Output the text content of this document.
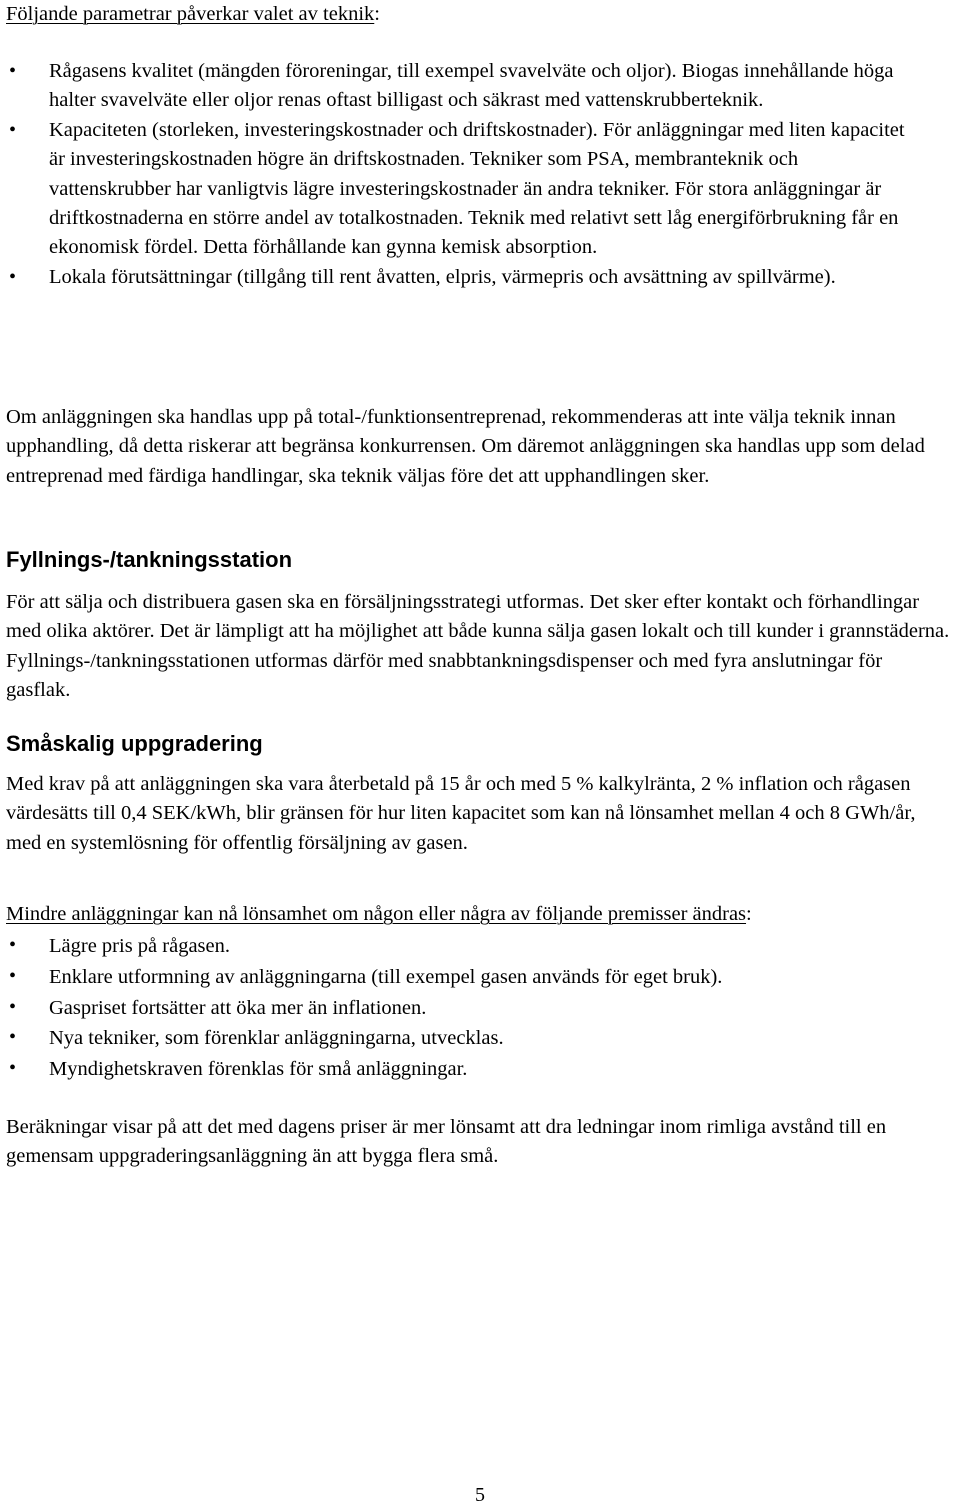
Följande parametrar påverkar valet av teknik:

• Rågasens kvalitet (mängden föroreningar, till exempel svavelväte och oljor). Biogas innehållande höga halter svavelväte eller oljor renas oftast billigast och säkrast med vattenskrubberteknik.
• Kapaciteten (storleken, investeringskostnader och driftskostnader). För anläggningar med liten kapacitet är investeringskostnaden högre än driftskostnaden. Tekniker som PSA, membranteknik och vattenskrubber har vanligtvis lägre investeringskostnader än andra tekniker. För stora anläggningar är driftkostnaderna en större andel av totalkostnaden. Teknik med relativt sett låg energiförbrukning får en ekonomisk fördel. Detta förhållande kan gynna kemisk absorption.
• Lokala förutsättningar (tillgång till rent åvatten, elpris, värmepris och avsättning av spillvärme).

Om anläggningen ska handlas upp på total-/funktionsentreprenad, rekommenderas att inte välja teknik innan upphandling, då detta riskerar att begränsa konkurrensen. Om däremot anläggningen ska handlas upp som delad entreprenad med färdiga handlingar, ska teknik väljas före det att upphandlingen sker.

Fyllnings-/tankningsstation

För att sälja och distribuera gasen ska en försäljningsstrategi utformas. Det sker efter kontakt och förhandlingar med olika aktörer. Det är lämpligt att ha möjlighet att både kunna sälja gasen lokalt och till kunder i grannstäderna. Fyllnings-/tankningsstationen utformas därför med snabbtankningsdispenser och med fyra anslutningar för gasflak.

Småskalig uppgradering

Med krav på att anläggningen ska vara återbetald på 15 år och med 5 % kalkylränta, 2 % inflation och rågasen värdesätts till 0,4 SEK/kWh, blir gränsen för hur liten kapacitet som kan nå lönsamhet mellan 4 och 8 GWh/år, med en systemlösning för offentlig försäljning av gasen.

Mindre anläggningar kan nå lönsamhet om någon eller några av följande premisser ändras:

• Lägre pris på rågasen.
• Enklare utformning av anläggningarna (till exempel gasen används för eget bruk).
• Gaspriset fortsätter att öka mer än inflationen.
• Nya tekniker, som förenklar anläggningarna, utvecklas.
• Myndighetskraven förenklas för små anläggningar.

Beräkningar visar på att det med dagens priser är mer lönsamt att dra ledningar inom rimliga avstånd till en gemensam uppgraderingsanläggning än att bygga flera små.

5
